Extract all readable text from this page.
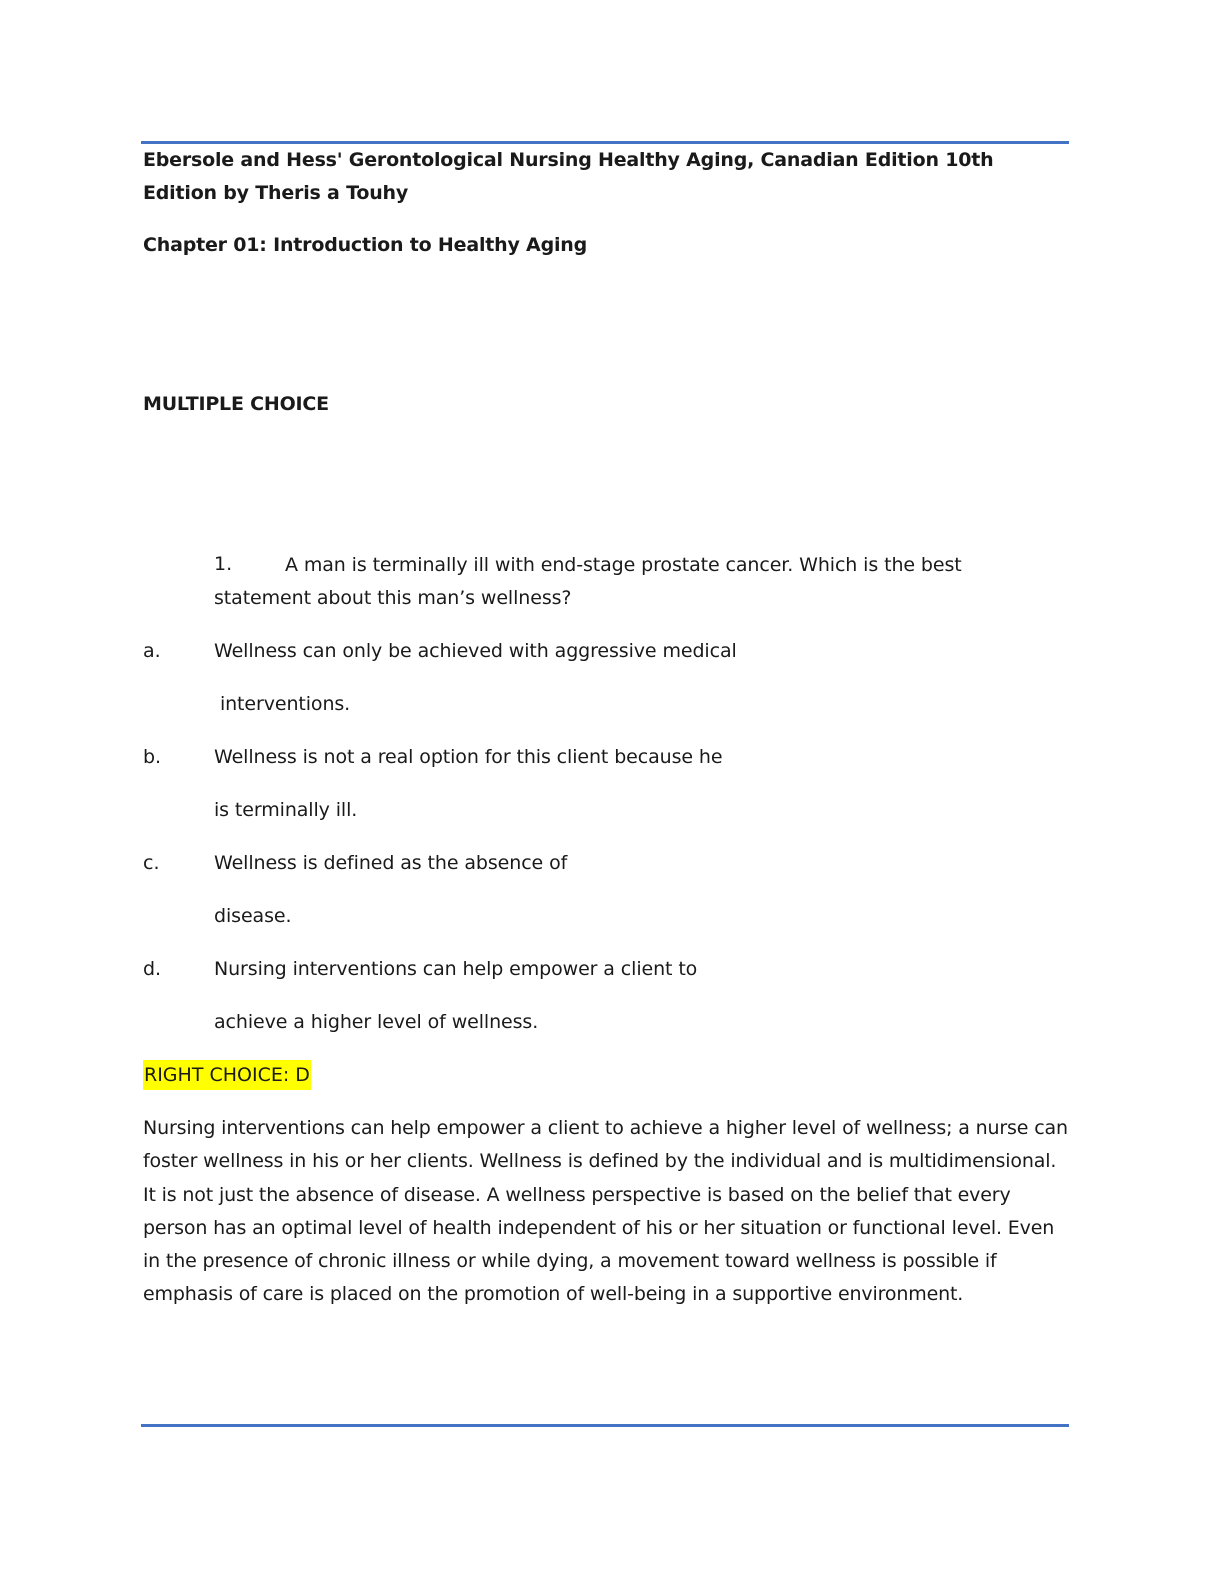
Ebersole and Hess' Gerontological Nursing Healthy Aging, Canadian Edition 10th Edition by Theris a Touhy
Chapter 01: Introduction to Healthy Aging
MULTIPLE CHOICE
1.	A man is terminally ill with end-stage prostate cancer. Which is the best statement about this man’s wellness?
a.	Wellness can only be achieved with aggressive medical
interventions.
b.	Wellness is not a real option for this client because he
is terminally ill.
c.	Wellness is defined as the absence of
disease.
d.	Nursing interventions can help empower a client to
achieve a higher level of wellness.
RIGHT CHOICE: D
Nursing interventions can help empower a client to achieve a higher level of wellness; a nurse can foster wellness in his or her clients. Wellness is defined by the individual and is multidimensional. It is not just the absence of disease. A wellness perspective is based on the belief that every person has an optimal level of health independent of his or her situation or functional level. Even in the presence of chronic illness or while dying, a movement toward wellness is possible if emphasis of care is placed on the promotion of well-being in a supportive environment.
